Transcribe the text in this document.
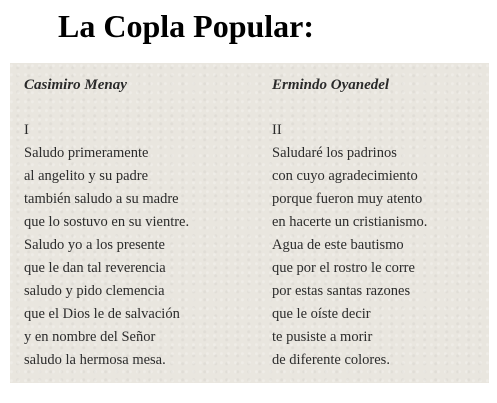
La Copla Popular:
Casimiro Menay
I
Saludo primeramente
al angelito y su padre
también saludo a su madre
que lo sostuvo en su vientre.
Saludo yo a los presente
que le dan tal reverencia
saludo y pido clemencia
que el Dios le de salvación
y en nombre del Señor
saludo la hermosa mesa.
Ermindo Oyanedel
II
Saludaré los padrinos
con cuyo agradecimiento
porque fueron muy atento
en hacerte un cristianismo.
Agua de este bautismo
que por el rostro le corre
por estas santas razones
que le oíste decir
te pusiste a morir
de diferente colores.
